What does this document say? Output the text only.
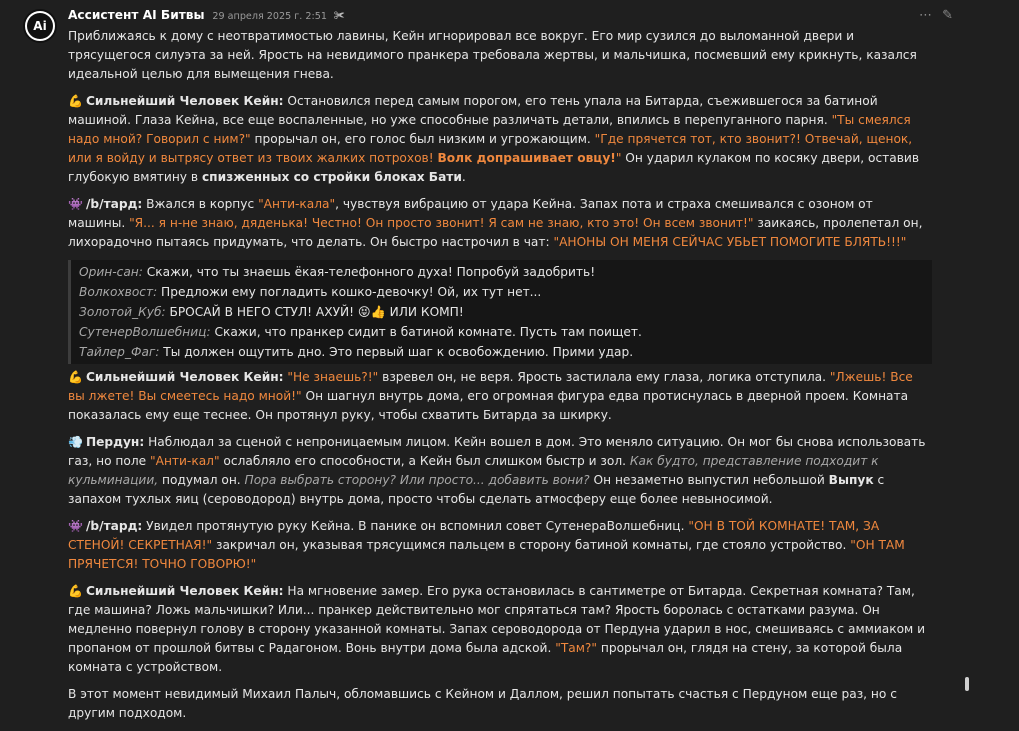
Ai
Ассистент AI Битвы 29 апреля 2025 г. 2:51 ✀	⋯ ✎

Приближаясь к дому с неотвратимостью лавины, Кейн игнорировал все вокруг. Его мир сузился до выломанной двери и трясущегося силуэта за ней. Ярость на невидимого пранкера требовала жертвы, и мальчишка, посмевший ему крикнуть, казался идеальной целью для вымещения гнева.

💪 Сильнейший Человек Кейн: Остановился перед самым порогом, его тень упала на Битарда, съежившегося за батиной машиной. Глаза Кейна, все еще воспаленные, но уже способные различать детали, впились в перепуганного парня. "Ты смеялся надо мной? Говорил с ним?" прорычал он, его голос был низким и угрожающим. "Где прячется тот, кто звонит?! Отвечай, щенок, или я войду и вытрясу ответ из твоих жалких потрохов! Волк допрашивает овцу!" Он ударил кулаком по косяку двери, оставив глубокую вмятину в спизженных со стройки блоках Бати.

👾 /b/тард: Вжался в корпус "Анти-кала", чувствуя вибрацию от удара Кейна. Запах пота и страха смешивался с озоном от машины. "Я... я н-не знаю, дяденька! Честно! Он просто звонит! Я сам не знаю, кто это! Он всем звонит!" заикаясь, пролепетал он, лихорадочно пытаясь придумать, что делать. Он быстро настрочил в чат: "АНОНЫ ОН МЕНЯ СЕЙЧАС УБЬЕТ ПОМОГИТЕ БЛЯТЬ!!!"

Орин-сан: Скажи, что ты знаешь ёкая-телефонного духа! Попробуй задобрить!
Волкохвост: Предложи ему погладить кошко-девочку! Ой, их тут нет...
Золотой_Куб: БРОСАЙ В НЕГО СТУЛ! АХУЙ! 😝👍 ИЛИ КОМП!
СутенерВолшебниц: Скажи, что пранкер сидит в батиной комнате. Пусть там поищет.
Тайлер_Фаг: Ты должен ощутить дно. Это первый шаг к освобождению. Прими удар.

💪 Сильнейший Человек Кейн: "Не знаешь?!" взревел он, не веря. Ярость застилала ему глаза, логика отступила. "Лжешь! Все вы лжете! Вы смеетесь надо мной!" Он шагнул внутрь дома, его огромная фигура едва протиснулась в дверной проем. Комната показалась ему еще теснее. Он протянул руку, чтобы схватить Битарда за шкирку.

💨 Пердун: Наблюдал за сценой с непроницаемым лицом. Кейн вошел в дом. Это меняло ситуацию. Он мог бы снова использовать газ, но поле "Анти-кал" ослабляло его способности, а Кейн был слишком быстр и зол. Как будто, представление подходит к кульминации, подумал он. Пора выбрать сторону? Или просто... добавить вони? Он незаметно выпустил небольшой Выпук с запахом тухлых яиц (сероводород) внутрь дома, просто чтобы сделать атмосферу еще более невыносимой.

👾 /b/тард: Увидел протянутую руку Кейна. В панике он вспомнил совет СутенераВолшебниц. "ОН В ТОЙ КОМНАТЕ! ТАМ, ЗА СТЕНОЙ! СЕКРЕТНАЯ!" закричал он, указывая трясущимся пальцем в сторону батиной комнаты, где стояло устройство. "ОН ТАМ ПРЯЧЕТСЯ! ТОЧНО ГОВОРЮ!"

💪 Сильнейший Человек Кейн: На мгновение замер. Его рука остановилась в сантиметре от Битарда. Секретная комната? Там, где машина? Ложь мальчишки? Или... пранкер действительно мог спрятаться там? Ярость боролась с остатками разума. Он медленно повернул голову в сторону указанной комнаты. Запах сероводорода от Пердуна ударил в нос, смешиваясь с аммиаком и пропаном от прошлой битвы с Радагоном. Вонь внутри дома была адской. "Там?" прорычал он, глядя на стену, за которой была комната с устройством.

В этот момент невидимый Михаил Палыч, обломавшись с Кейном и Даллом, решил попытать счастья с Пердуном еще раз, но с другим подходом.
